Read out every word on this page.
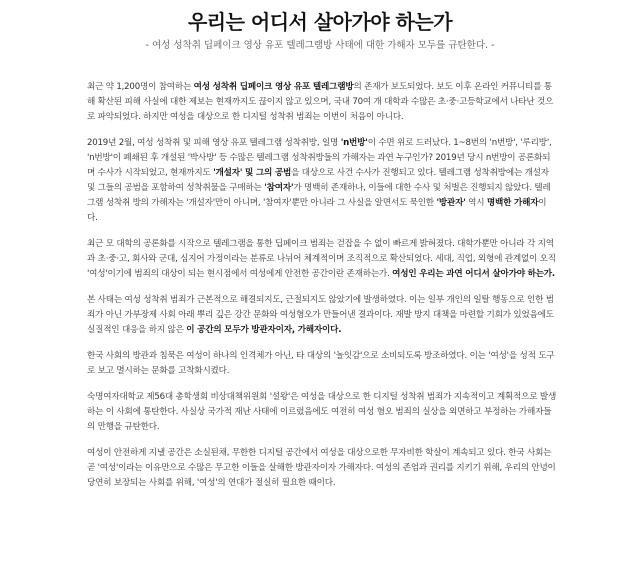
우리는 어디서 살아가야 하는가
- 여성 성착취 딥페이크 영상 유포 텔레그램방 사태에 대한 가해자 모두를 규탄한다. -

최근 약 1,200명이 참여하는 여성 성착취 딥페이크 영상 유포 텔레그램방의 존재가 보도되었다. 보도 이후 온라인 커뮤니티를 통해 확산된 피해 사실에 대한 제보는 현재까지도 끊이지 않고 있으며, 국내 70여 개 대학과 수많은 초·중·고등학교에서 나타난 것으로 파악되었다. 하지만 여성을 대상으로 한 디지털 성착취 범죄는 이번이 처음이 아니다.

2019년 2월, 여성 성착취 및 피해 영상 유포 텔레그램 성착취방, 일명 'n번방'이 수면 위로 드러났다. 1~8번의 'n번방', '루리방', 'n번방'이 폐쇄된 후 개설된 '박사방' 등 수많은 텔레그램 성착취방들의 가해자는 과연 누구인가? 2019년 당시 n번방이 공론화되며 수사가 시작되었고, 현재까지도 '개설자' 및 그의 공범을 대상으로 사건 수사가 진행되고 있다. 텔레그램 성착취방에는 개설자 및 그들의 공범을 포함하여 성착취물을 구매하는 '참여자'가 명백히 존재하나, 이들에 대한 수사 및 처벌은 진행되지 않았다. 텔레그램 성착취 방의 가해자는 '개설자'만이 아니며, '참여자'뿐만 아니라 그 사실을 알면서도 묵인한 '방관자' 역시 명백한 가해자이다.

최근 모 대학의 공론화를 시작으로 텔레그램을 통한 딥페이크 범죄는 걷잡을 수 없이 빠르게 밝혀졌다. 대학가뿐만 아니라 각 지역과 초·중·고, 회사와 군대, 심지어 가정이라는 분류로 나뉘어 체계적이며 조직적으로 확산되었다. 세대, 직업, 외형에 관계없이 오직 '여성'이기에 범죄의 대상이 되는 현시점에서 여성에게 안전한 공간이란 존재하는가. 여성인 우리는 과연 어디서 살아가야 하는가.

본 사태는 여성 성착취 범죄가 근본적으로 해결되지도, 근절되지도 않았기에 발생하였다. 이는 일부 개인의 일탈 행동으로 인한 범죄가 아닌 가부장제 사회 아래 뿌리 깊은 강간 문화와 여성혐오가 만들어낸 결과이다. 재발 방지 대책을 마련할 기회가 있었음에도 실질적인 대응을 하지 않은 이 공간의 모두가 방관자이자, 가해자이다.

한국 사회의 방관과 침묵은 여성이 하나의 인격체가 아닌, 타 대상의 '놀잇감'으로 소비되도록 방조하였다. 이는 '여성'을 성적 도구로 보고 멸시하는 문화를 고착화시켰다.

숙명여자대학교 제56대 총학생회 비상대책위원회 '설왕'은 여성을 대상으로 한 디지털 성착취 범죄가 지속적이고 계획적으로 발생하는 이 사회에 통탄한다. 사실상 국가적 재난 사태에 이르렀음에도 여전히 여성 혐오 범죄의 실상을 외면하고 부정하는 가해자들의 만행을 규탄한다.

여성이 안전하게 지낼 공간은 소실된채, 무한한 디지털 공간에서 여성을 대상으로한 무자비한 학살이 계속되고 있다. 한국 사회는 곧 '여성'이라는 이유만으로 수많은 무고한 이들을 살해한 방관자이자 가해자다. 여성의 존엄과 권리를 지키기 위해, 우리의 안녕이 당연히 보장되는 사회를 위해, '여성'의 연대가 절실히 필요한 때이다.
